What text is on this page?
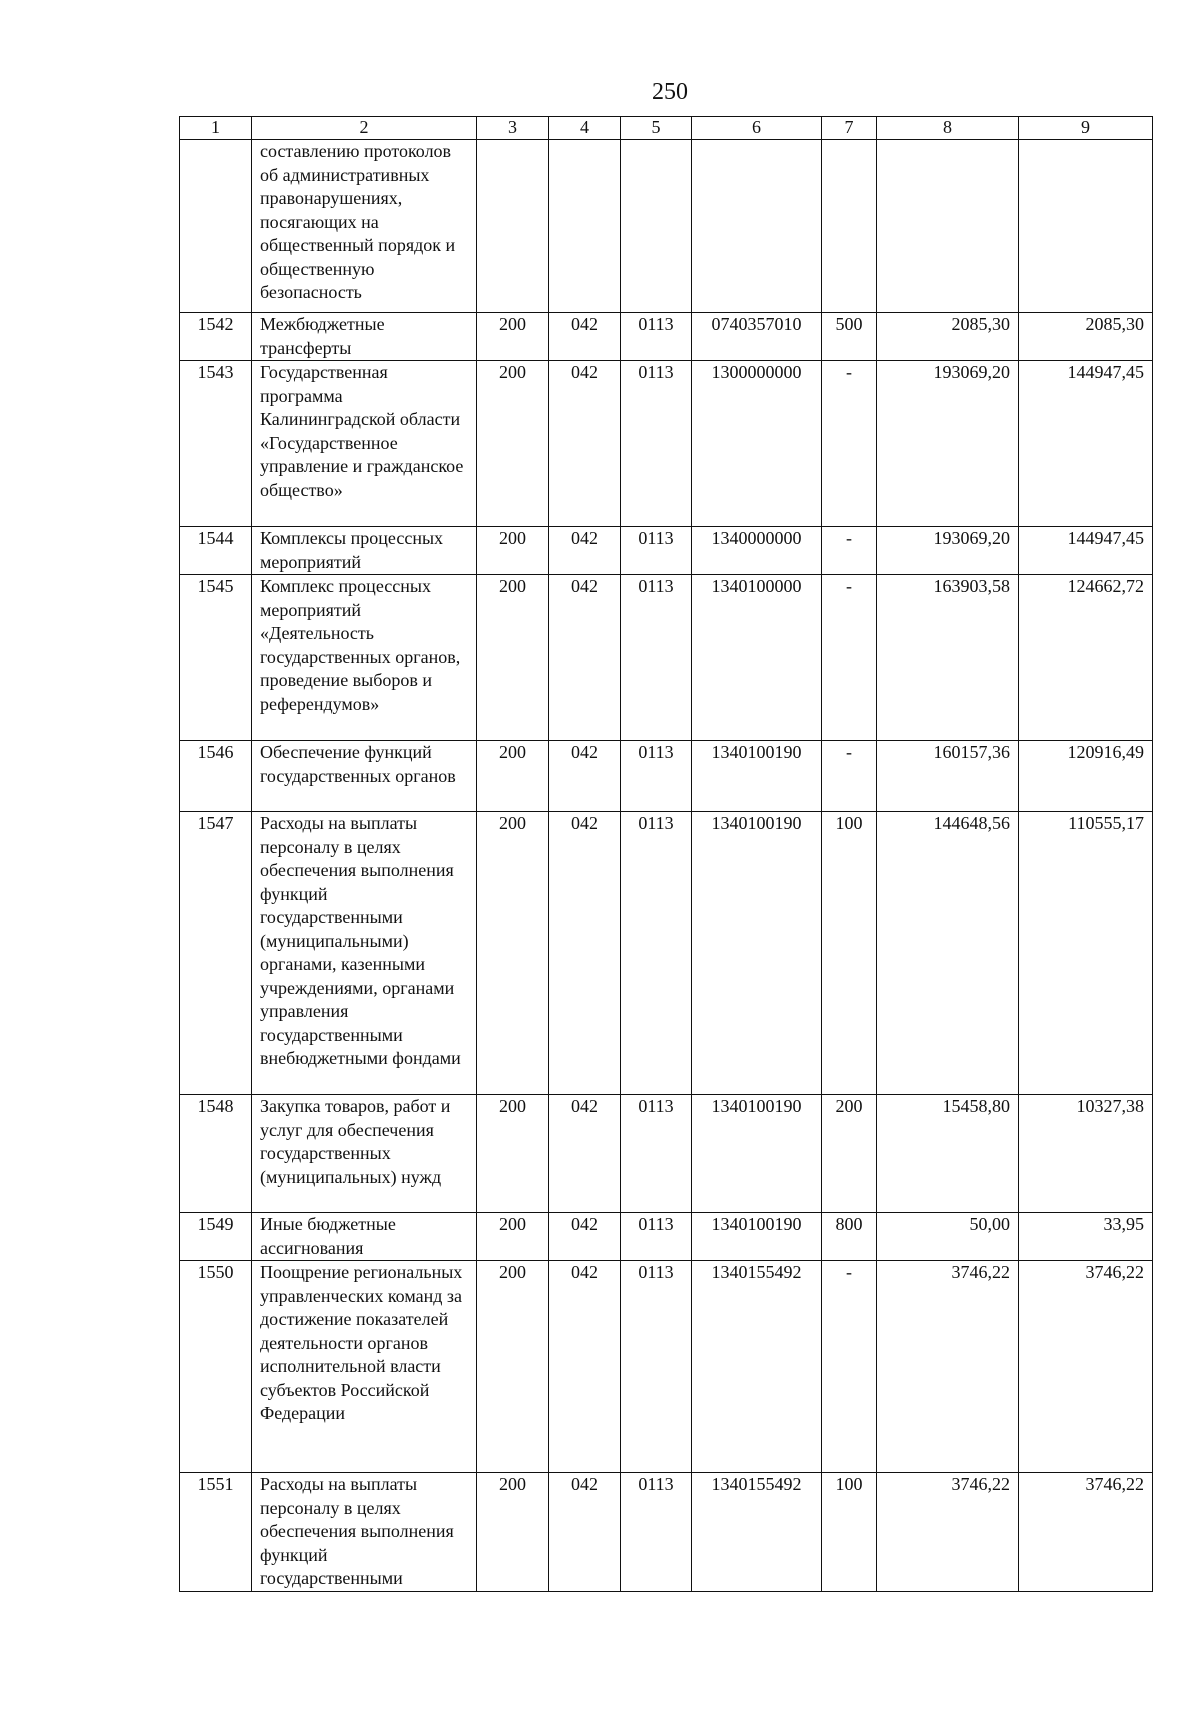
250
1	2	3	4	5	6	7	8	9
	составлению протоколов об административных правонарушениях, посягающих на общественный порядок и общественную безопасность							
1542	Межбюджетные трансферты	200	042	0113	0740357010	500	2085,30	2085,30
1543	Государственная программа Калининградской области «Государственное управление и гражданское общество»	200	042	0113	1300000000	-	193069,20	144947,45
1544	Комплексы процессных мероприятий	200	042	0113	1340000000	-	193069,20	144947,45
1545	Комплекс процессных мероприятий «Деятельность государственных органов, проведение выборов и референдумов»	200	042	0113	1340100000	-	163903,58	124662,72
1546	Обеспечение функций государственных органов	200	042	0113	1340100190	-	160157,36	120916,49
1547	Расходы на выплаты персоналу в целях обеспечения выполнения функций государственными (муниципальными) органами, казенными учреждениями, органами управления государственными внебюджетными фондами	200	042	0113	1340100190	100	144648,56	110555,17
1548	Закупка товаров, работ и услуг для обеспечения государственных (муниципальных) нужд	200	042	0113	1340100190	200	15458,80	10327,38
1549	Иные бюджетные ассигнования	200	042	0113	1340100190	800	50,00	33,95
1550	Поощрение региональных управленческих команд за достижение показателей деятельности органов исполнительной власти субъектов Российской Федерации	200	042	0113	1340155492	-	3746,22	3746,22
1551	Расходы на выплаты персоналу в целях обеспечения выполнения функций государственными	200	042	0113	1340155492	100	3746,22	3746,22
